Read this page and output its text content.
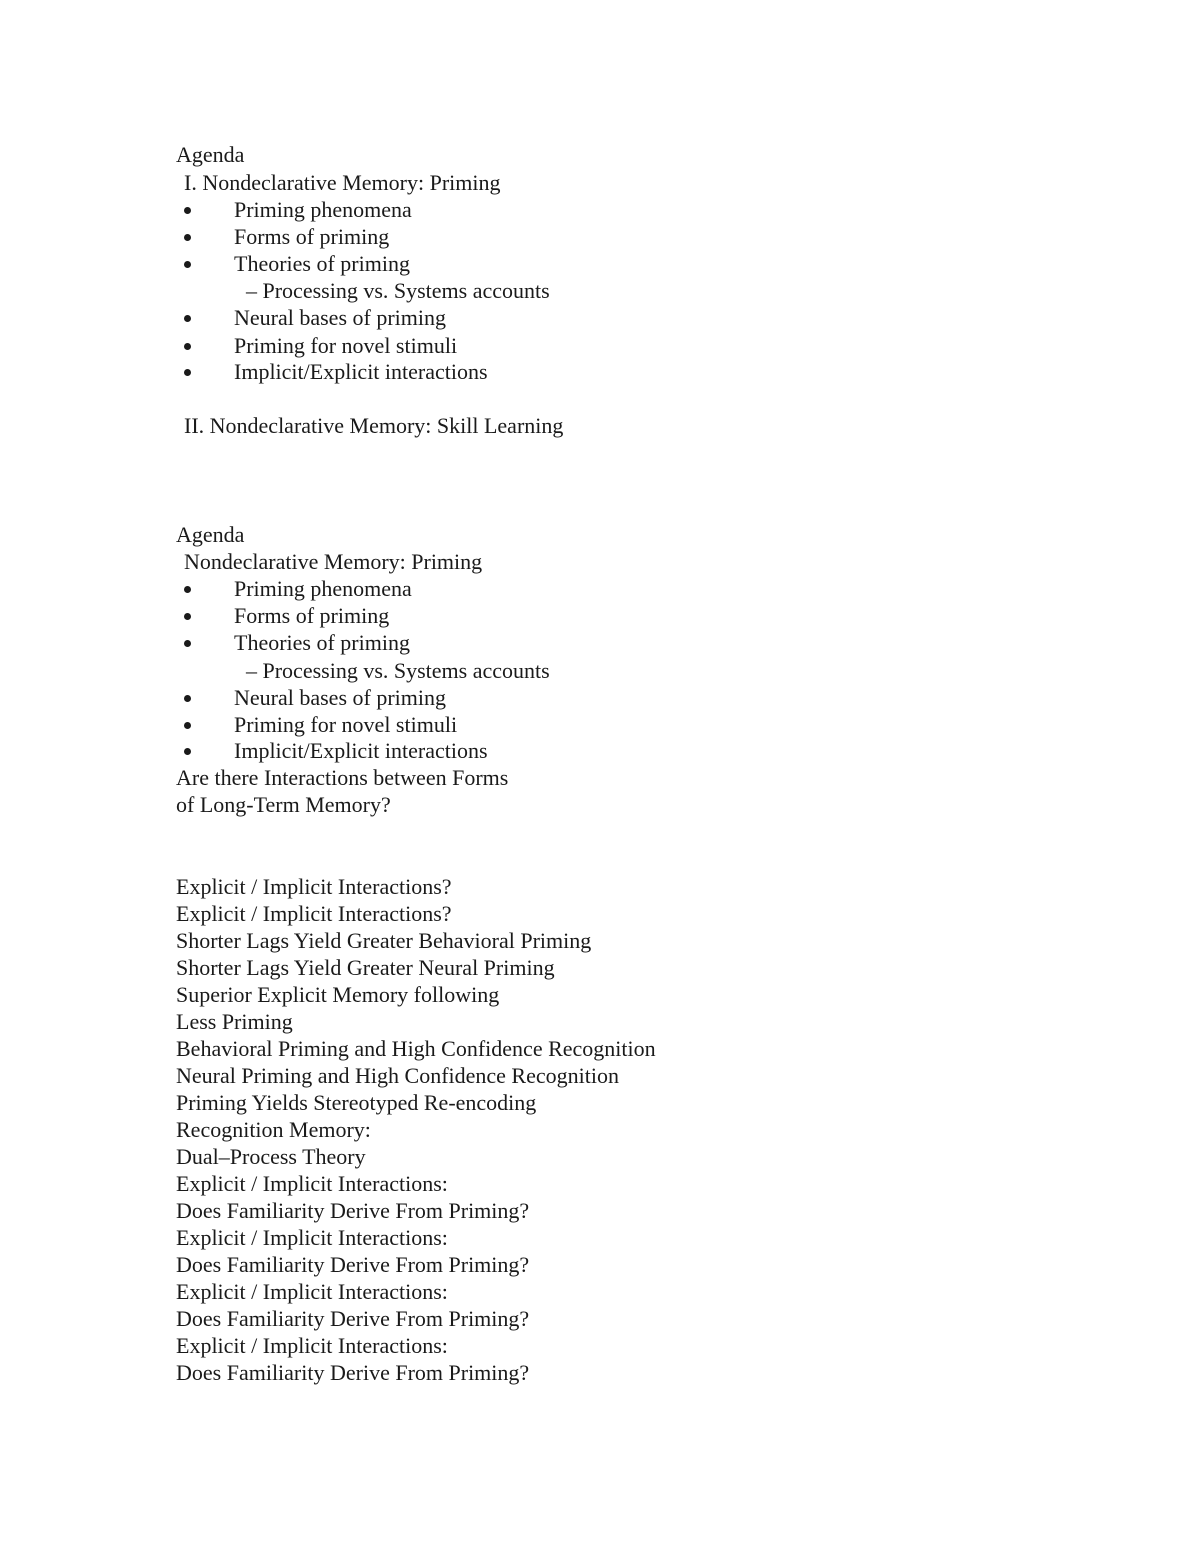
Agenda
I. Nondeclarative Memory: Priming
Priming phenomena
Forms of priming
Theories of priming
– Processing vs. Systems accounts
Neural bases of priming
Priming for novel stimuli
Implicit/Explicit interactions
II. Nondeclarative Memory: Skill Learning
Agenda
Nondeclarative Memory: Priming
Priming phenomena
Forms of priming
Theories of priming
– Processing vs. Systems accounts
Neural bases of priming
Priming for novel stimuli
Implicit/Explicit interactions
Are there Interactions between Forms
of Long-Term Memory?
Explicit / Implicit Interactions?
Explicit / Implicit Interactions?
Shorter Lags Yield Greater Behavioral Priming
Shorter Lags Yield Greater Neural Priming
Superior Explicit Memory following
Less Priming
Behavioral Priming and High Confidence Recognition
Neural Priming and High Confidence Recognition
Priming Yields Stereotyped Re-encoding
Recognition Memory:
Dual–Process Theory
Explicit / Implicit Interactions:
Does Familiarity Derive From Priming?
Explicit / Implicit Interactions:
Does Familiarity Derive From Priming?
Explicit / Implicit Interactions:
Does Familiarity Derive From Priming?
Explicit / Implicit Interactions:
Does Familiarity Derive From Priming?
